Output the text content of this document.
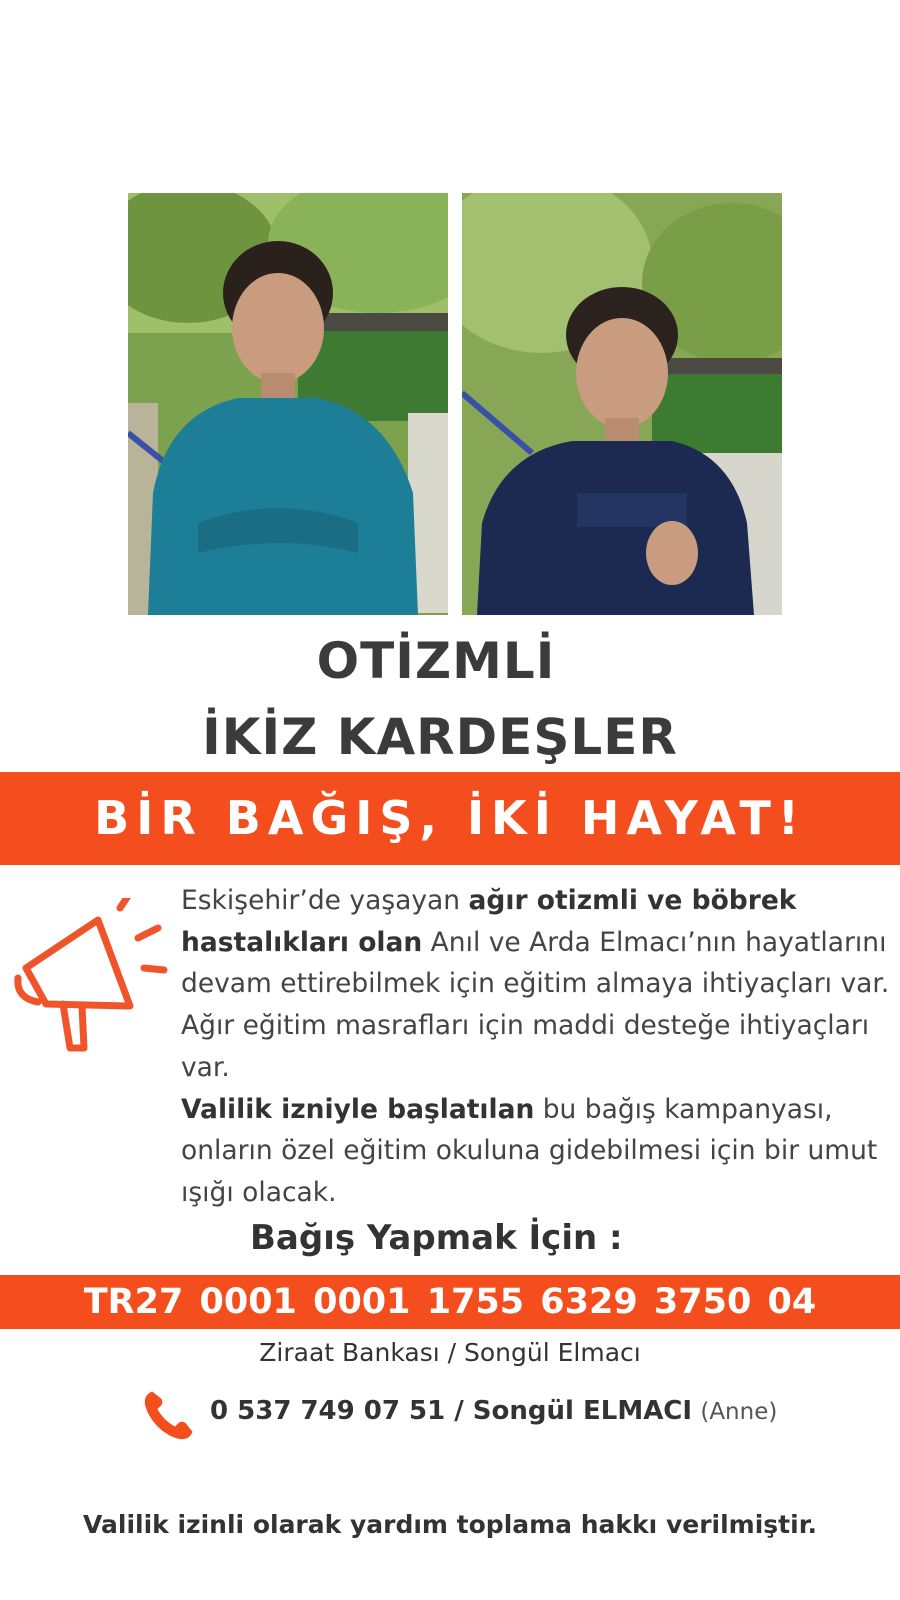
OTİZMLİ
İKİZ KARDEŞLER
BİR BAĞIŞ, İKİ HAYAT!

Eskişehir’de yaşayan ağır otizmli ve böbrek hastalıkları olan Anıl ve Arda Elmacı’nın hayatlarını devam ettirebilmek için eğitim almaya ihtiyaçları var. Ağır eğitim masrafları için maddi desteğe ihtiyaçları var.

Valilik izniyle başlatılan bu bağış kampanyası, onların özel eğitim okuluna gidebilmesi için bir umut ışığı olacak.

Bağış Yapmak İçin :
TR27 0001 0001 1755 6329 3750 04
Ziraat Bankası / Songül Elmacı
0 537 749 07 51 / Songül ELMACI (Anne)
Valilik izinli olarak yardım toplama hakkı verilmiştir.
